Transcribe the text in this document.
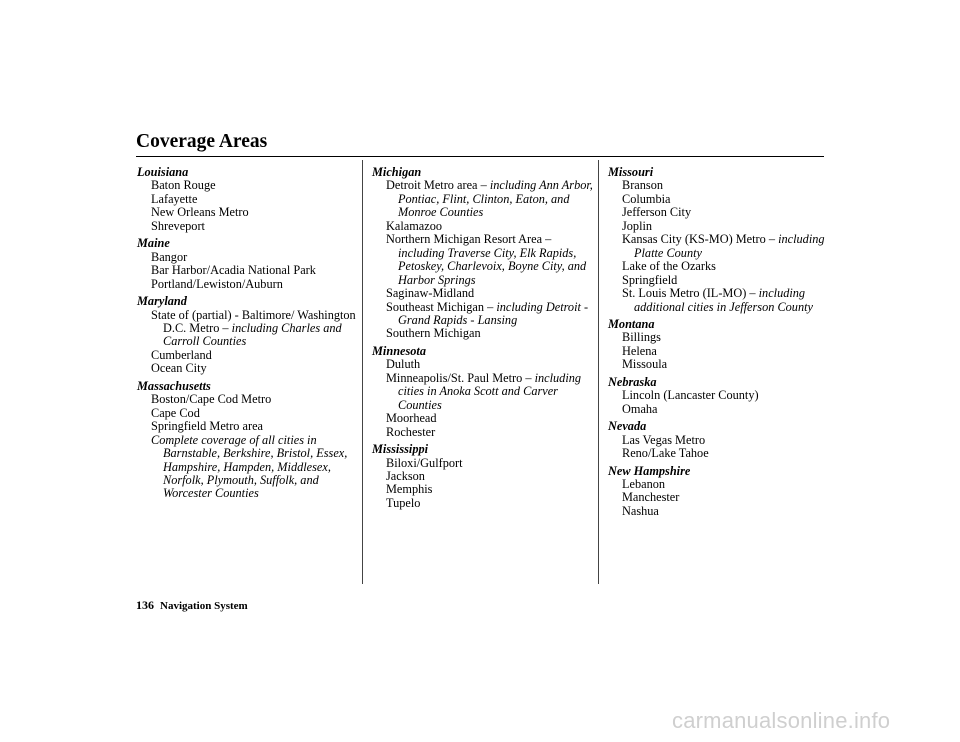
Coverage Areas
Louisiana
Baton Rouge
Lafayette
New Orleans Metro
Shreveport
Maine
Bangor
Bar Harbor/Acadia National Park
Portland/Lewiston/Auburn
Maryland
State of (partial) - Baltimore/ Washington D.C. Metro – including Charles and Carroll Counties
Cumberland
Ocean City
Massachusetts
Boston/Cape Cod Metro
Cape Cod
Springfield Metro area
Complete coverage of all cities in Barnstable, Berkshire, Bristol, Essex, Hampshire, Hampden, Middlesex, Norfolk, Plymouth, Suffolk, and Worcester Counties
Michigan
Detroit Metro area – including Ann Arbor, Pontiac, Flint, Clinton, Eaton, and Monroe Counties
Kalamazoo
Northern Michigan Resort Area – including Traverse City, Elk Rapids, Petoskey, Charlevoix, Boyne City, and Harbor Springs
Saginaw-Midland
Southeast Michigan – including Detroit - Grand Rapids - Lansing
Southern Michigan
Minnesota
Duluth
Minneapolis/St. Paul Metro – including cities in Anoka Scott and Carver Counties
Moorhead
Rochester
Mississippi
Biloxi/Gulfport
Jackson
Memphis
Tupelo
Missouri
Branson
Columbia
Jefferson City
Joplin
Kansas City (KS-MO) Metro – including Platte County
Lake of the Ozarks
Springfield
St. Louis Metro (IL-MO) – including additional cities in Jefferson County
Montana
Billings
Helena
Missoula
Nebraska
Lincoln (Lancaster County)
Omaha
Nevada
Las Vegas Metro
Reno/Lake Tahoe
New Hampshire
Lebanon
Manchester
Nashua
136 Navigation System
carmanualsonline.info
